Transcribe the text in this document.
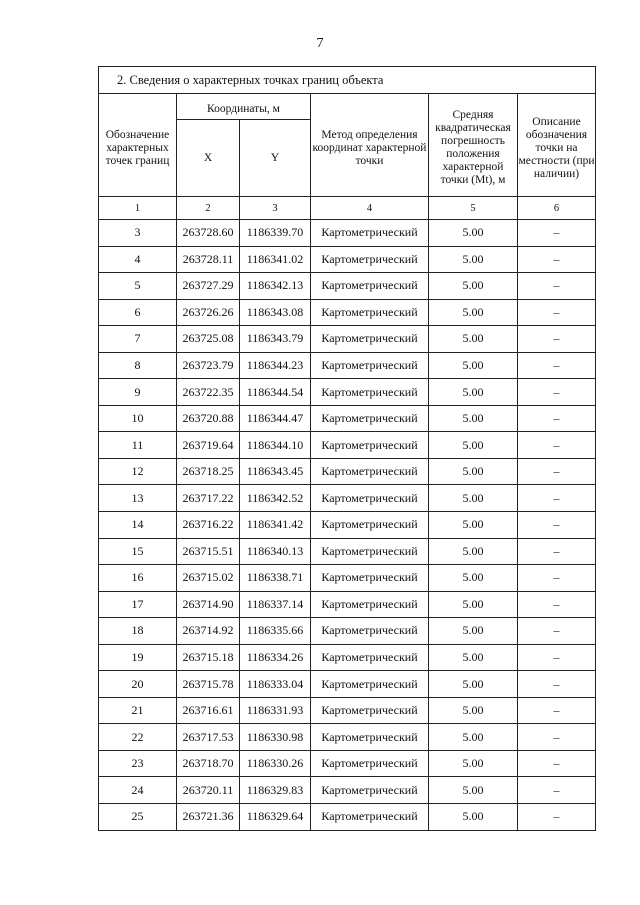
7
2. Сведения о характерных точках границ объекта					
Обозначение характерных точек границ	Координаты, м		Метод определения координат характерной точки	Средняя квадратическая погрешность положения характерной точки (Mt), м	Описание обозначения точки на местности (при наличии)
	X	Y			
1	2	3	4	5	6
3	263728.60	1186339.70	Картометрический	5.00	–
4	263728.11	1186341.02	Картометрический	5.00	–
5	263727.29	1186342.13	Картометрический	5.00	–
6	263726.26	1186343.08	Картометрический	5.00	–
7	263725.08	1186343.79	Картометрический	5.00	–
8	263723.79	1186344.23	Картометрический	5.00	–
9	263722.35	1186344.54	Картометрический	5.00	–
10	263720.88	1186344.47	Картометрический	5.00	–
11	263719.64	1186344.10	Картометрический	5.00	–
12	263718.25	1186343.45	Картометрический	5.00	–
13	263717.22	1186342.52	Картометрический	5.00	–
14	263716.22	1186341.42	Картометрический	5.00	–
15	263715.51	1186340.13	Картометрический	5.00	–
16	263715.02	1186338.71	Картометрический	5.00	–
17	263714.90	1186337.14	Картометрический	5.00	–
18	263714.92	1186335.66	Картометрический	5.00	–
19	263715.18	1186334.26	Картометрический	5.00	–
20	263715.78	1186333.04	Картометрический	5.00	–
21	263716.61	1186331.93	Картометрический	5.00	–
22	263717.53	1186330.98	Картометрический	5.00	–
23	263718.70	1186330.26	Картометрический	5.00	–
24	263720.11	1186329.83	Картометрический	5.00	–
25	263721.36	1186329.64	Картометрический	5.00	–
